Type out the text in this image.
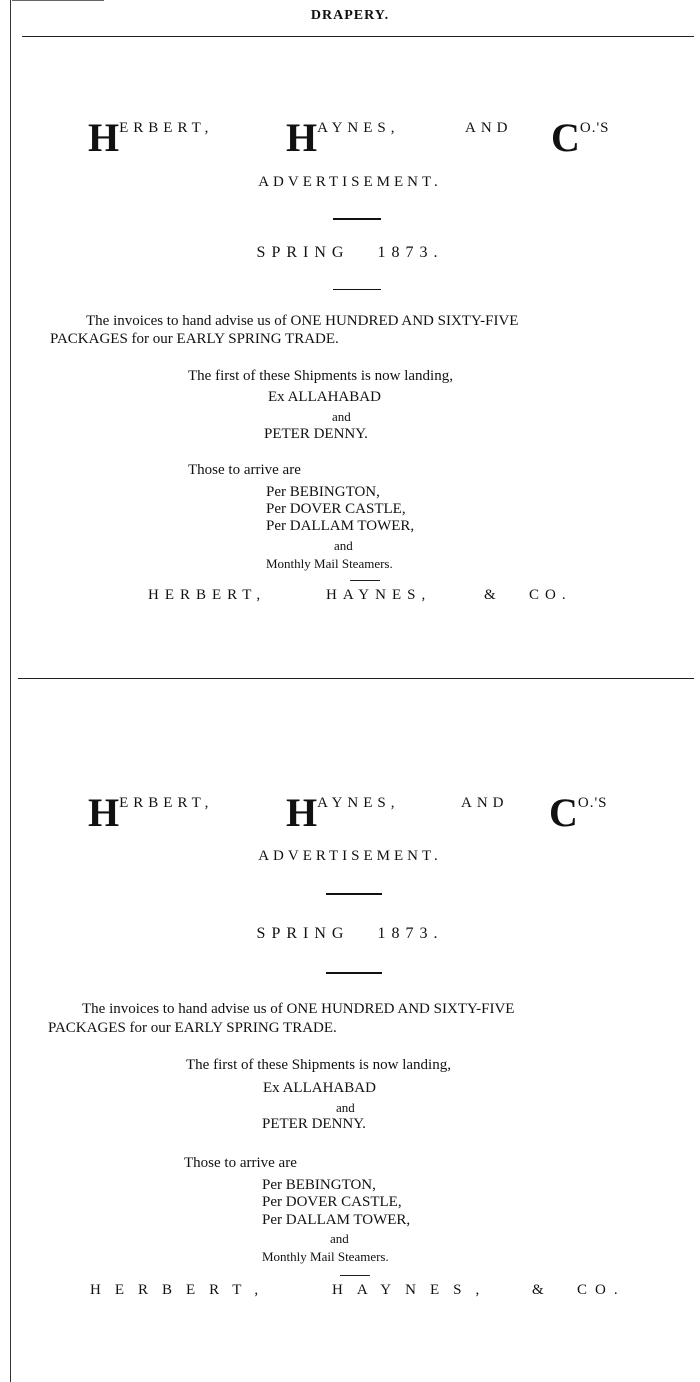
DRAPERY.
HERBERT, HAYNES,	AND CO.'S
ADVERTISEMENT.
SPRING 1873.
The invoices to hand advise us of ONE HUNDRED AND SIXTY-FIVE
PACKAGES for our EARLY SPRING TRADE.
The first of these Shipments is now landing,
Ex ALLAHABAD
and
PETER DENNY.
Those to arrive are
Per BEBINGTON,
Per DOVER CASTLE,
Per DALLAM TOWER,
and
Monthly Mail Steamers.
HERBERT,	HAYNES,	& CO.
HERBERT, HAYNES,	AND CO.'S
ADVERTISEMENT.
SPRING 1873.
The invoices to hand advise us of ONE HUNDRED AND SIXTY-FIVE
PACKAGES for our EARLY SPRING TRADE.
The first of these Shipments is now landing,
Ex ALLAHABAD
and
PETER DENNY.
Those to arrive are
Per BEBINGTON,
Per DOVER CASTLE,
Per DALLAM TOWER,
and
Monthly Mail Steamers.
HERBERT,	HAYNES,	& CO.
